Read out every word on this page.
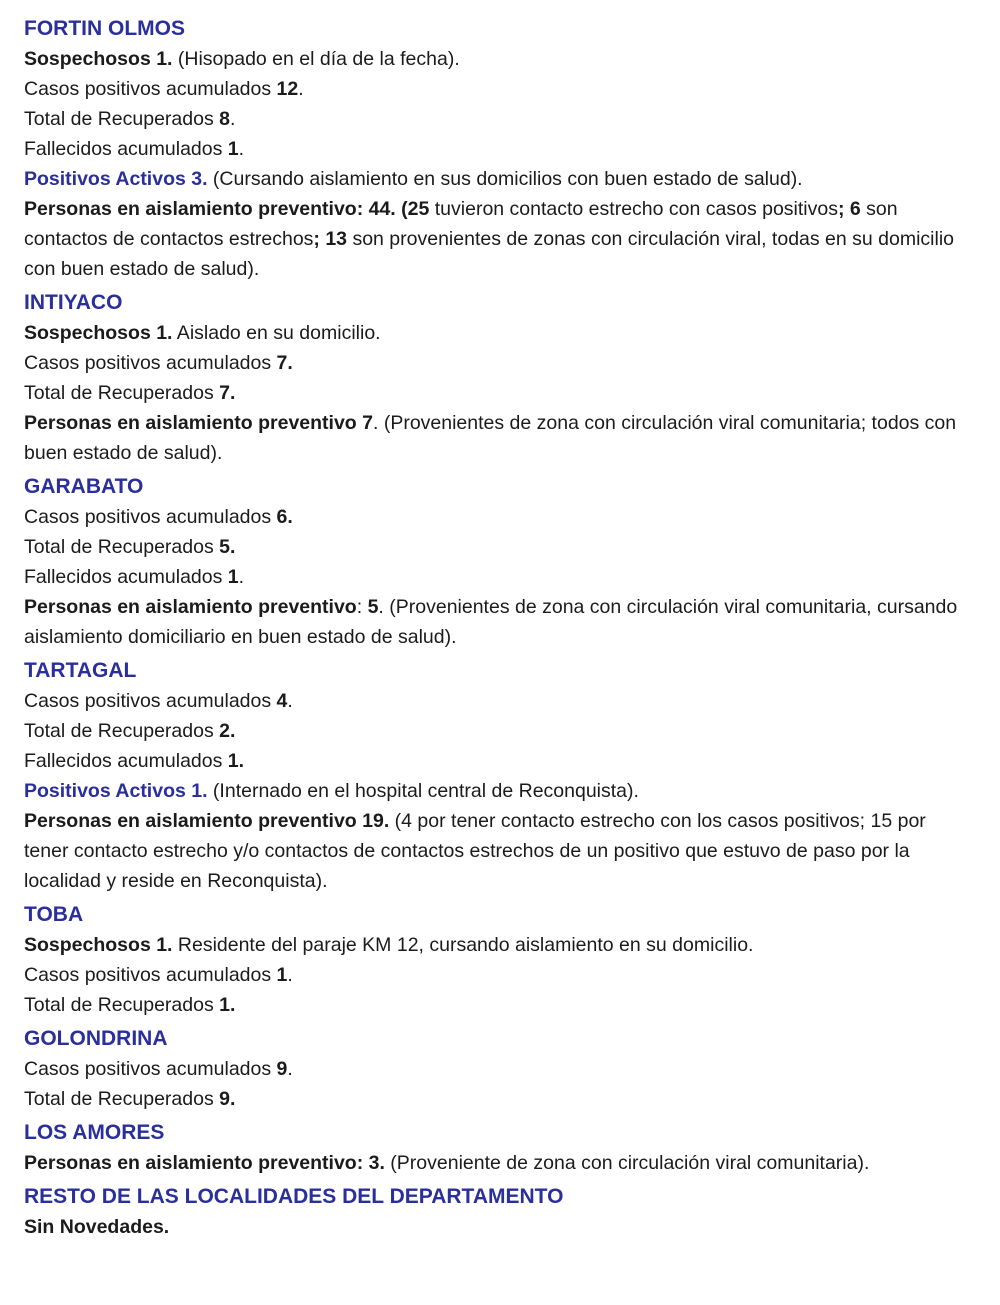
FORTIN OLMOS
Sospechosos 1. (Hisopado en el día de la fecha).
Casos positivos acumulados 12.
Total de Recuperados 8.
Fallecidos acumulados 1.
Positivos Activos 3. (Cursando aislamiento en sus domicilios con buen estado de salud).
Personas en aislamiento preventivo: 44. (25 tuvieron contacto estrecho con casos positivos; 6 son contactos de contactos estrechos; 13 son provenientes de zonas con circulación viral, todas en su domicilio con buen estado de salud).
INTIYACO
Sospechosos 1. Aislado en su domicilio.
Casos positivos acumulados 7.
Total de Recuperados 7.
Personas en aislamiento preventivo 7. (Provenientes de zona con circulación viral comunitaria; todos con buen estado de salud).
GARABATO
Casos positivos acumulados 6.
Total de Recuperados 5.
Fallecidos acumulados 1.
Personas en aislamiento preventivo: 5. (Provenientes de zona con circulación viral comunitaria, cursando aislamiento domiciliario en buen estado de salud).
TARTAGAL
Casos positivos acumulados 4.
Total de Recuperados 2.
Fallecidos acumulados 1.
Positivos Activos 1. (Internado en el hospital central de Reconquista).
Personas en aislamiento preventivo 19. (4 por tener contacto estrecho con los casos positivos; 15 por tener contacto estrecho y/o contactos de contactos estrechos de un positivo que estuvo de paso por la localidad y reside en Reconquista).
TOBA
Sospechosos 1. Residente del paraje KM 12, cursando aislamiento en su domicilio.
Casos positivos acumulados 1.
Total de Recuperados 1.
GOLONDRINA
Casos positivos acumulados 9.
Total de Recuperados 9.
LOS AMORES
Personas en aislamiento preventivo: 3. (Proveniente de zona con circulación viral comunitaria).
RESTO DE LAS LOCALIDADES DEL DEPARTAMENTO
Sin Novedades.
